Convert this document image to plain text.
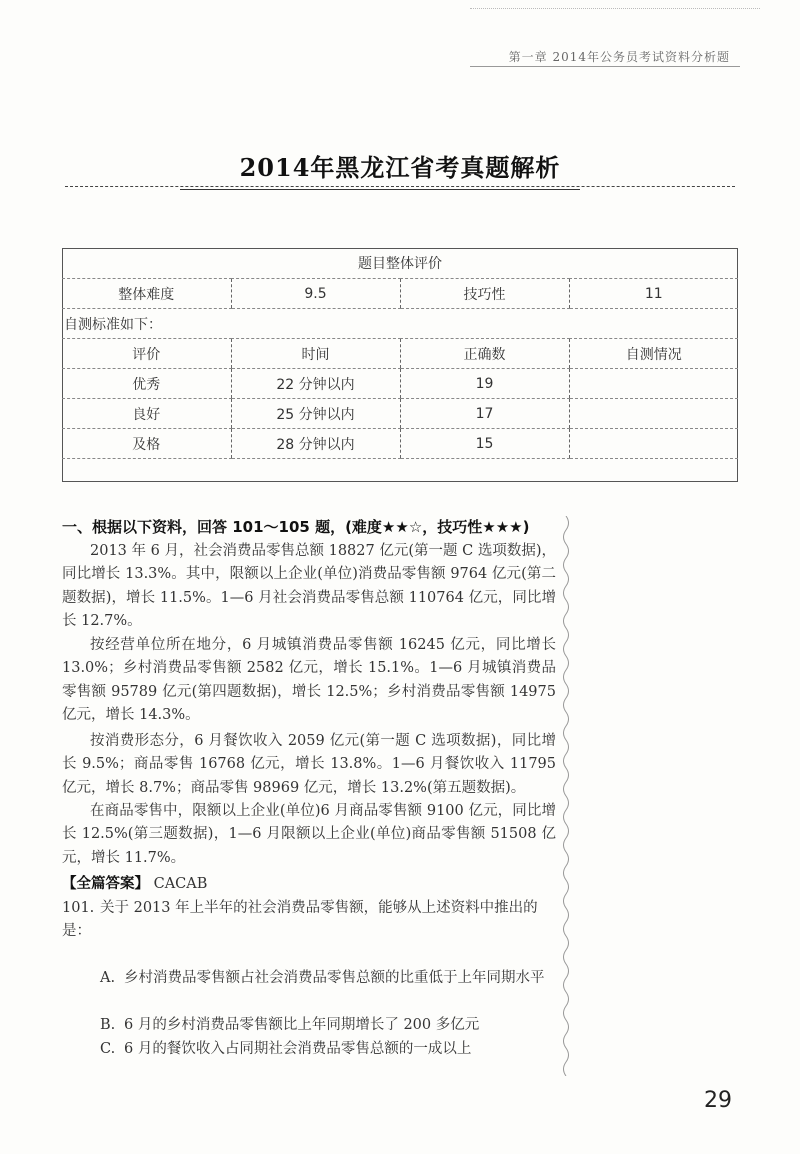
第一章 2014年公务员考试资料分析题
2014年黑龙江省考真题解析
题目整体评价			
整体难度	9.5	技巧性	11
自测标准如下：			
评价	时间	正确数	自测情况
优秀	22 分钟以内	19	
良好	25 分钟以内	17	
及格	28 分钟以内	15	
一、根据以下资料，回答 101～105 题，(难度★★☆，技巧性★★★)
2013 年 6 月，社会消费品零售总额 18827 亿元(第一题 C 选项数据)，同比增长 13.3%。其中，限额以上企业(单位)消费品零售额 9764 亿元(第二题数据)，增长 11.5%。1—6 月社会消费品零售总额 110764 亿元，同比增长 12.7%。
按经营单位所在地分，6 月城镇消费品零售额 16245 亿元，同比增长 13.0%；乡村消费品零售额 2582 亿元，增长 15.1%。1—6 月城镇消费品零售额 95789 亿元(第四题数据)，增长 12.5%；乡村消费品零售额 14975 亿元，增长 14.3%。
按消费形态分，6 月餐饮收入 2059 亿元(第一题 C 选项数据)，同比增长 9.5%；商品零售 16768 亿元，增长 13.8%。1—6 月餐饮收入 11795 亿元，增长 8.7%；商品零售 98969 亿元，增长 13.2%(第五题数据)。
在商品零售中，限额以上企业(单位)6 月商品零售额 9100 亿元，同比增长 12.5%(第三题数据)，1—6 月限额以上企业(单位)商品零售额 51508 亿元，增长 11.7%。
【全篇答案】 CACAB
101. 关于 2013 年上半年的社会消费品零售额，能够从上述资料中推出的是：
A. 乡村消费品零售额占社会消费品零售总额的比重低于上年同期水平
B. 6 月的乡村消费品零售额比上年同期增长了 200 多亿元
C. 6 月的餐饮收入占同期社会消费品零售总额的一成以上
29
